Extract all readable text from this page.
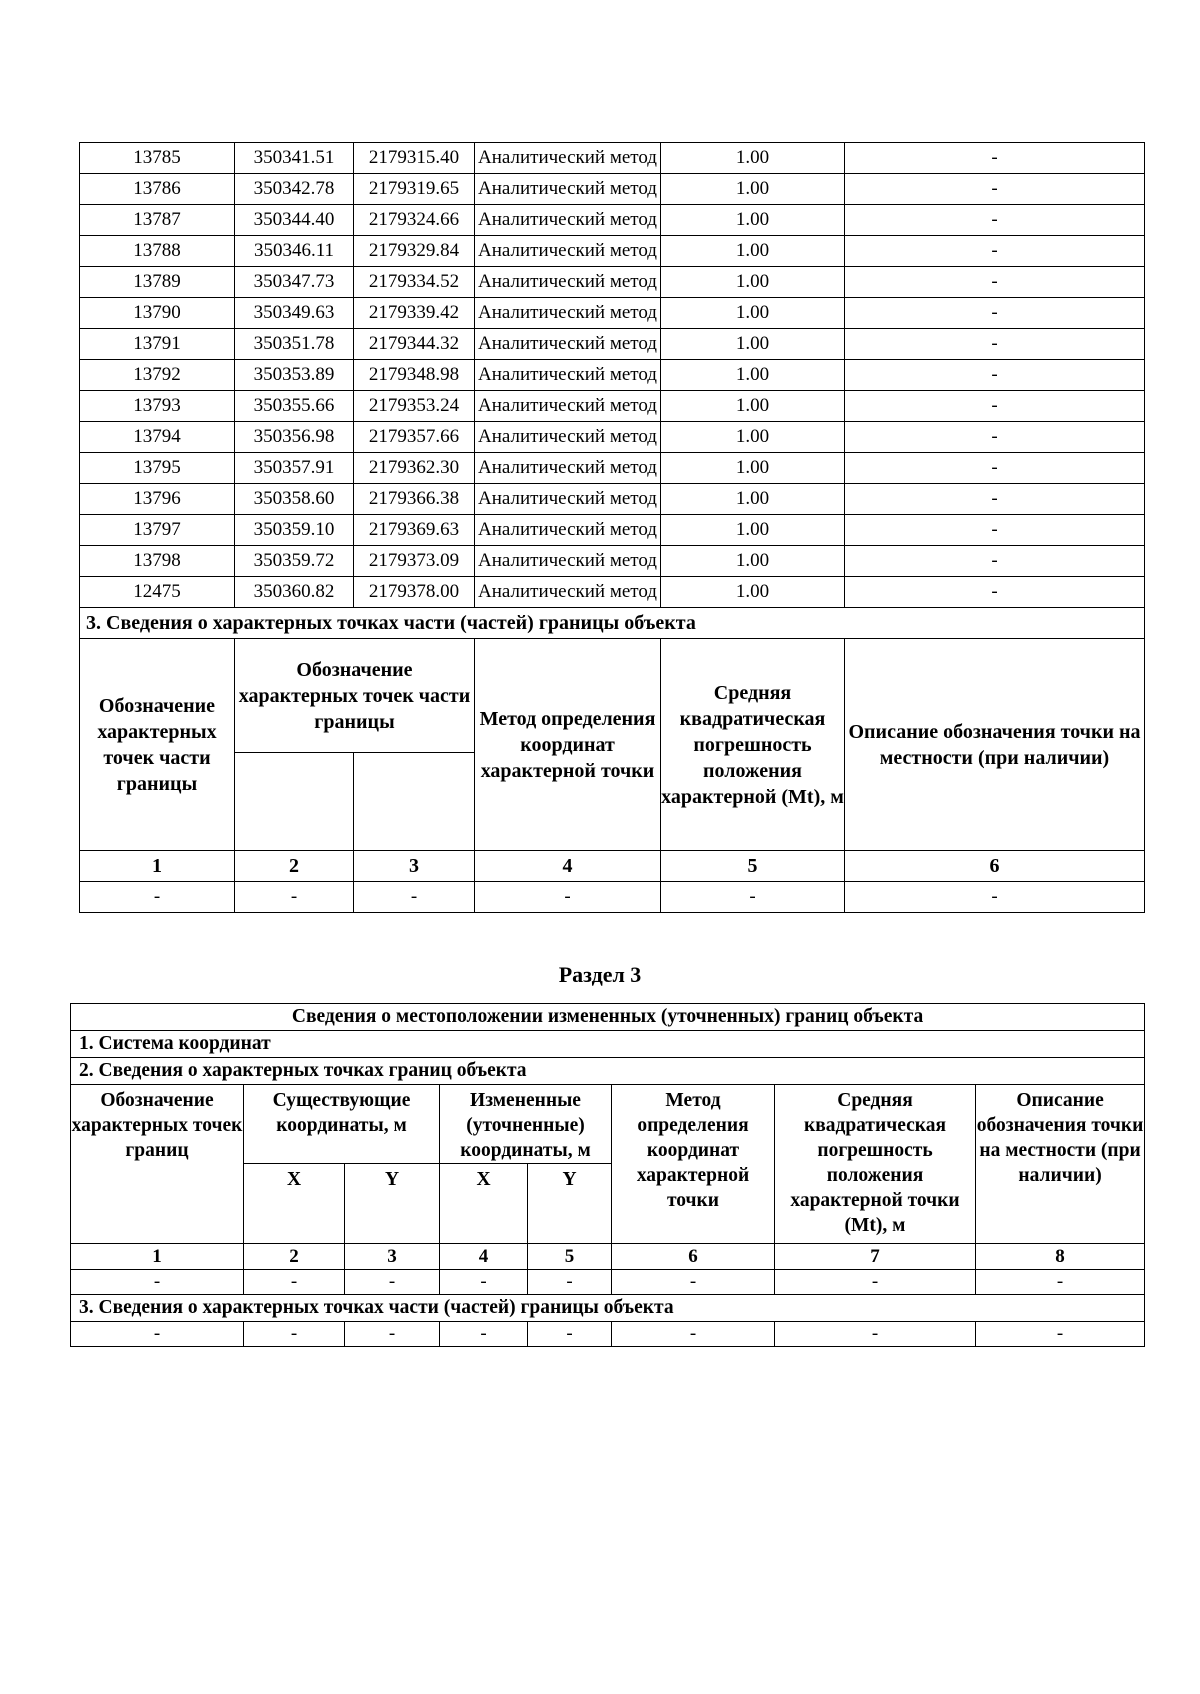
13785	350341.51	2179315.40	Аналитический метод	1.00	-
13786	350342.78	2179319.65	Аналитический метод	1.00	-
13787	350344.40	2179324.66	Аналитический метод	1.00	-
13788	350346.11	2179329.84	Аналитический метод	1.00	-
13789	350347.73	2179334.52	Аналитический метод	1.00	-
13790	350349.63	2179339.42	Аналитический метод	1.00	-
13791	350351.78	2179344.32	Аналитический метод	1.00	-
13792	350353.89	2179348.98	Аналитический метод	1.00	-
13793	350355.66	2179353.24	Аналитический метод	1.00	-
13794	350356.98	2179357.66	Аналитический метод	1.00	-
13795	350357.91	2179362.30	Аналитический метод	1.00	-
13796	350358.60	2179366.38	Аналитический метод	1.00	-
13797	350359.10	2179369.63	Аналитический метод	1.00	-
13798	350359.72	2179373.09	Аналитический метод	1.00	-
12475	350360.82	2179378.00	Аналитический метод	1.00	-
3. Сведения о характерных точках части (частей) границы объекта					
Обозначение характерных точек части границы	Обозначение характерных точек части границы		Метод определения координат характерной точки	Средняя квадратическая погрешность положения характерной (Mt), м	Описание обозначения точки на местности (при наличии)

1	2	3	4	5	6
-	-	-	-	-	-
Раздел 3
Сведения о местоположении измененных (уточненных) границ объекта							
1. Система координат							
2. Сведения о характерных точках границ объекта							
Обозначение характерных точек границ	Существующие координаты, м		Измененные (уточненные) координаты, м		Метод определения координат характерной точки	Средняя квадратическая погрешность положения характерной точки (Mt), м	Описание обозначения точки на местности (при наличии)
	X	Y	X	Y			
1	2	3	4	5	6	7	8
-	-	-	-	-	-	-	-
3. Сведения о характерных точках части (частей) границы объекта							
-	-	-	-	-	-	-	-
